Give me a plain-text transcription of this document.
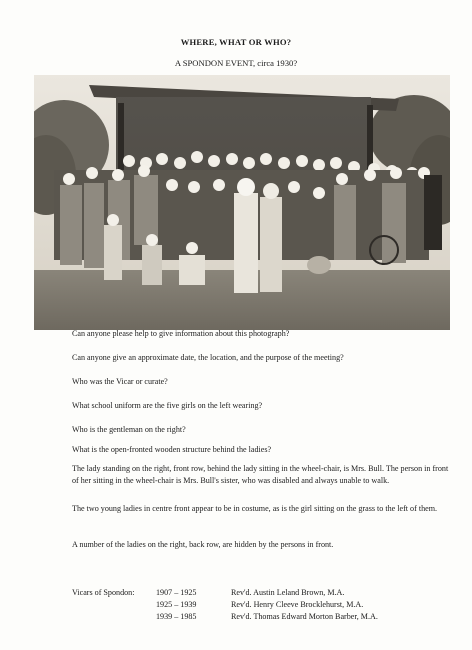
WHERE, WHAT OR WHO?
A SPONDON EVENT, circa 1930?

Can anyone please help to give information about this photograph?

Can anyone give an approximate date, the location, and the purpose of the meeting?

Who was the Vicar or curate?

What school uniform are the five girls on the left wearing?

Who is the gentleman on the right?

What is the open-fronted wooden structure behind the ladies?

The lady standing on the right, front row, behind the lady sitting in the wheel-chair, is Mrs. Bull. The person in front of her sitting in the wheel-chair is Mrs. Bull's sister, who was disabled and always unable to walk.

The two young ladies in centre front appear to be in costume, as is the girl sitting on the grass to the left of them.

A number of the ladies on the right, back row, are hidden by the persons in front.

Vicars of Spondon:	1907 – 1925	Rev'd. Austin Leland Brown, M.A.
1925 – 1939	Rev'd. Henry Cleeve Brocklehurst, M.A.
1939 – 1985	Rev'd. Thomas Edward Morton Barber, M.A.
